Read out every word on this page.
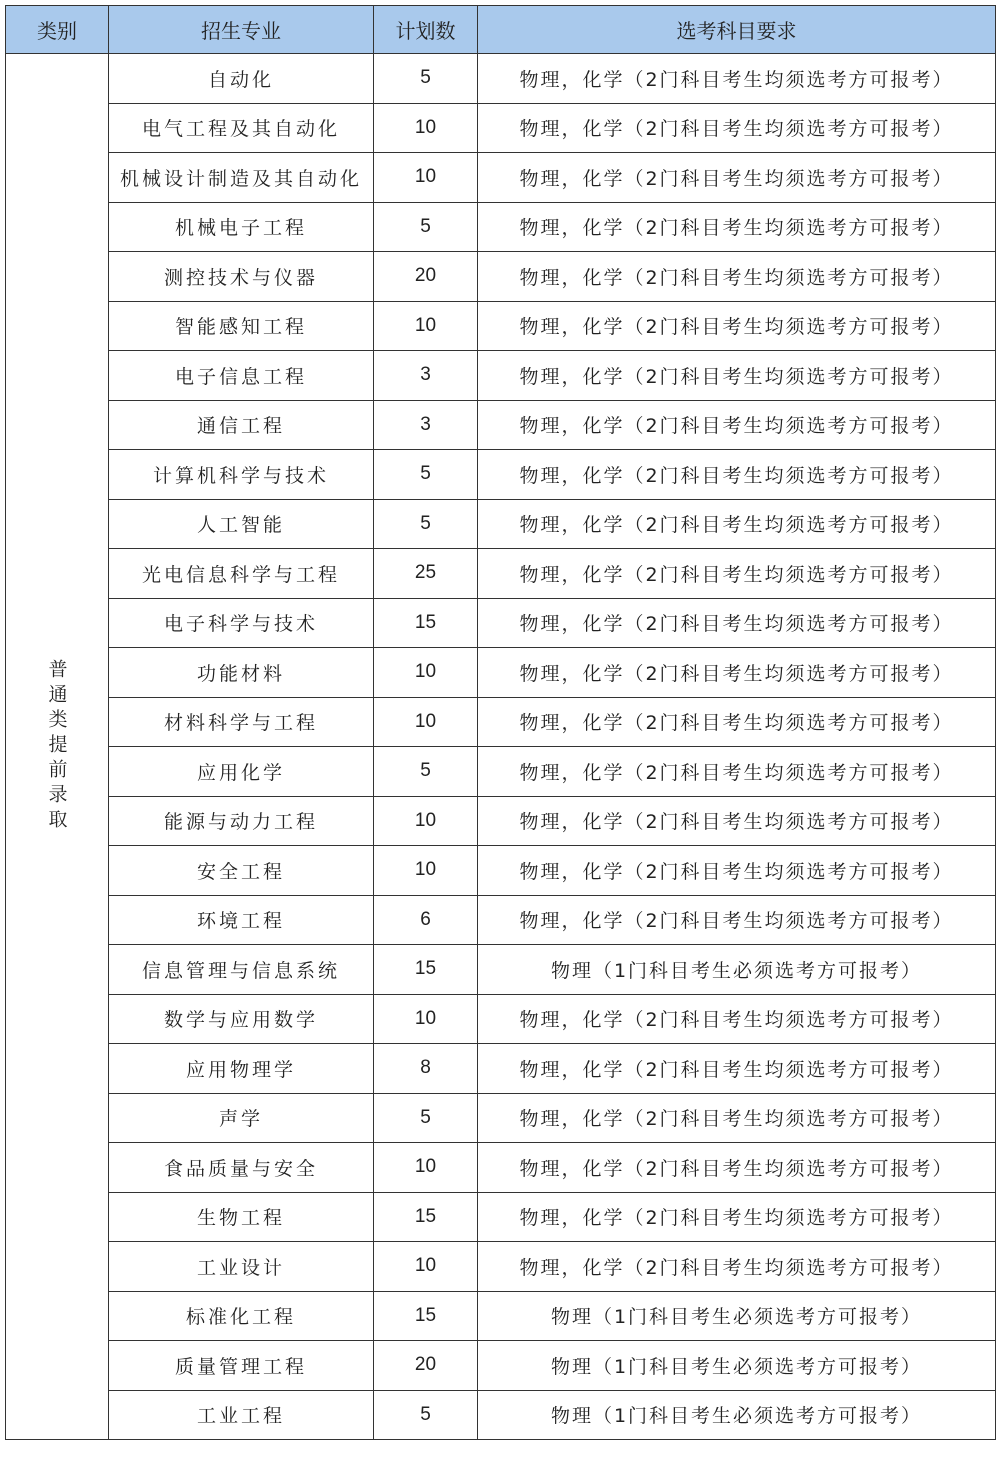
类别	招生专业	计划数	选考科目要求
普通类提前录取	自动化	5	物理，化学（2门科目考生均须选考方可报考）
	电气工程及其自动化	10	物理，化学（2门科目考生均须选考方可报考）
	机械设计制造及其自动化	10	物理，化学（2门科目考生均须选考方可报考）
	机械电子工程	5	物理，化学（2门科目考生均须选考方可报考）
	测控技术与仪器	20	物理，化学（2门科目考生均须选考方可报考）
	智能感知工程	10	物理，化学（2门科目考生均须选考方可报考）
	电子信息工程	3	物理，化学（2门科目考生均须选考方可报考）
	通信工程	3	物理，化学（2门科目考生均须选考方可报考）
	计算机科学与技术	5	物理，化学（2门科目考生均须选考方可报考）
	人工智能	5	物理，化学（2门科目考生均须选考方可报考）
	光电信息科学与工程	25	物理，化学（2门科目考生均须选考方可报考）
	电子科学与技术	15	物理，化学（2门科目考生均须选考方可报考）
	功能材料	10	物理，化学（2门科目考生均须选考方可报考）
	材料科学与工程	10	物理，化学（2门科目考生均须选考方可报考）
	应用化学	5	物理，化学（2门科目考生均须选考方可报考）
	能源与动力工程	10	物理，化学（2门科目考生均须选考方可报考）
	安全工程	10	物理，化学（2门科目考生均须选考方可报考）
	环境工程	6	物理，化学（2门科目考生均须选考方可报考）
	信息管理与信息系统	15	物理（1门科目考生必须选考方可报考）
	数学与应用数学	10	物理，化学（2门科目考生均须选考方可报考）
	应用物理学	8	物理，化学（2门科目考生均须选考方可报考）
	声学	5	物理，化学（2门科目考生均须选考方可报考）
	食品质量与安全	10	物理，化学（2门科目考生均须选考方可报考）
	生物工程	15	物理，化学（2门科目考生均须选考方可报考）
	工业设计	10	物理，化学（2门科目考生均须选考方可报考）
	标准化工程	15	物理（1门科目考生必须选考方可报考）
	质量管理工程	20	物理（1门科目考生必须选考方可报考）
	工业工程	5	物理（1门科目考生必须选考方可报考）
